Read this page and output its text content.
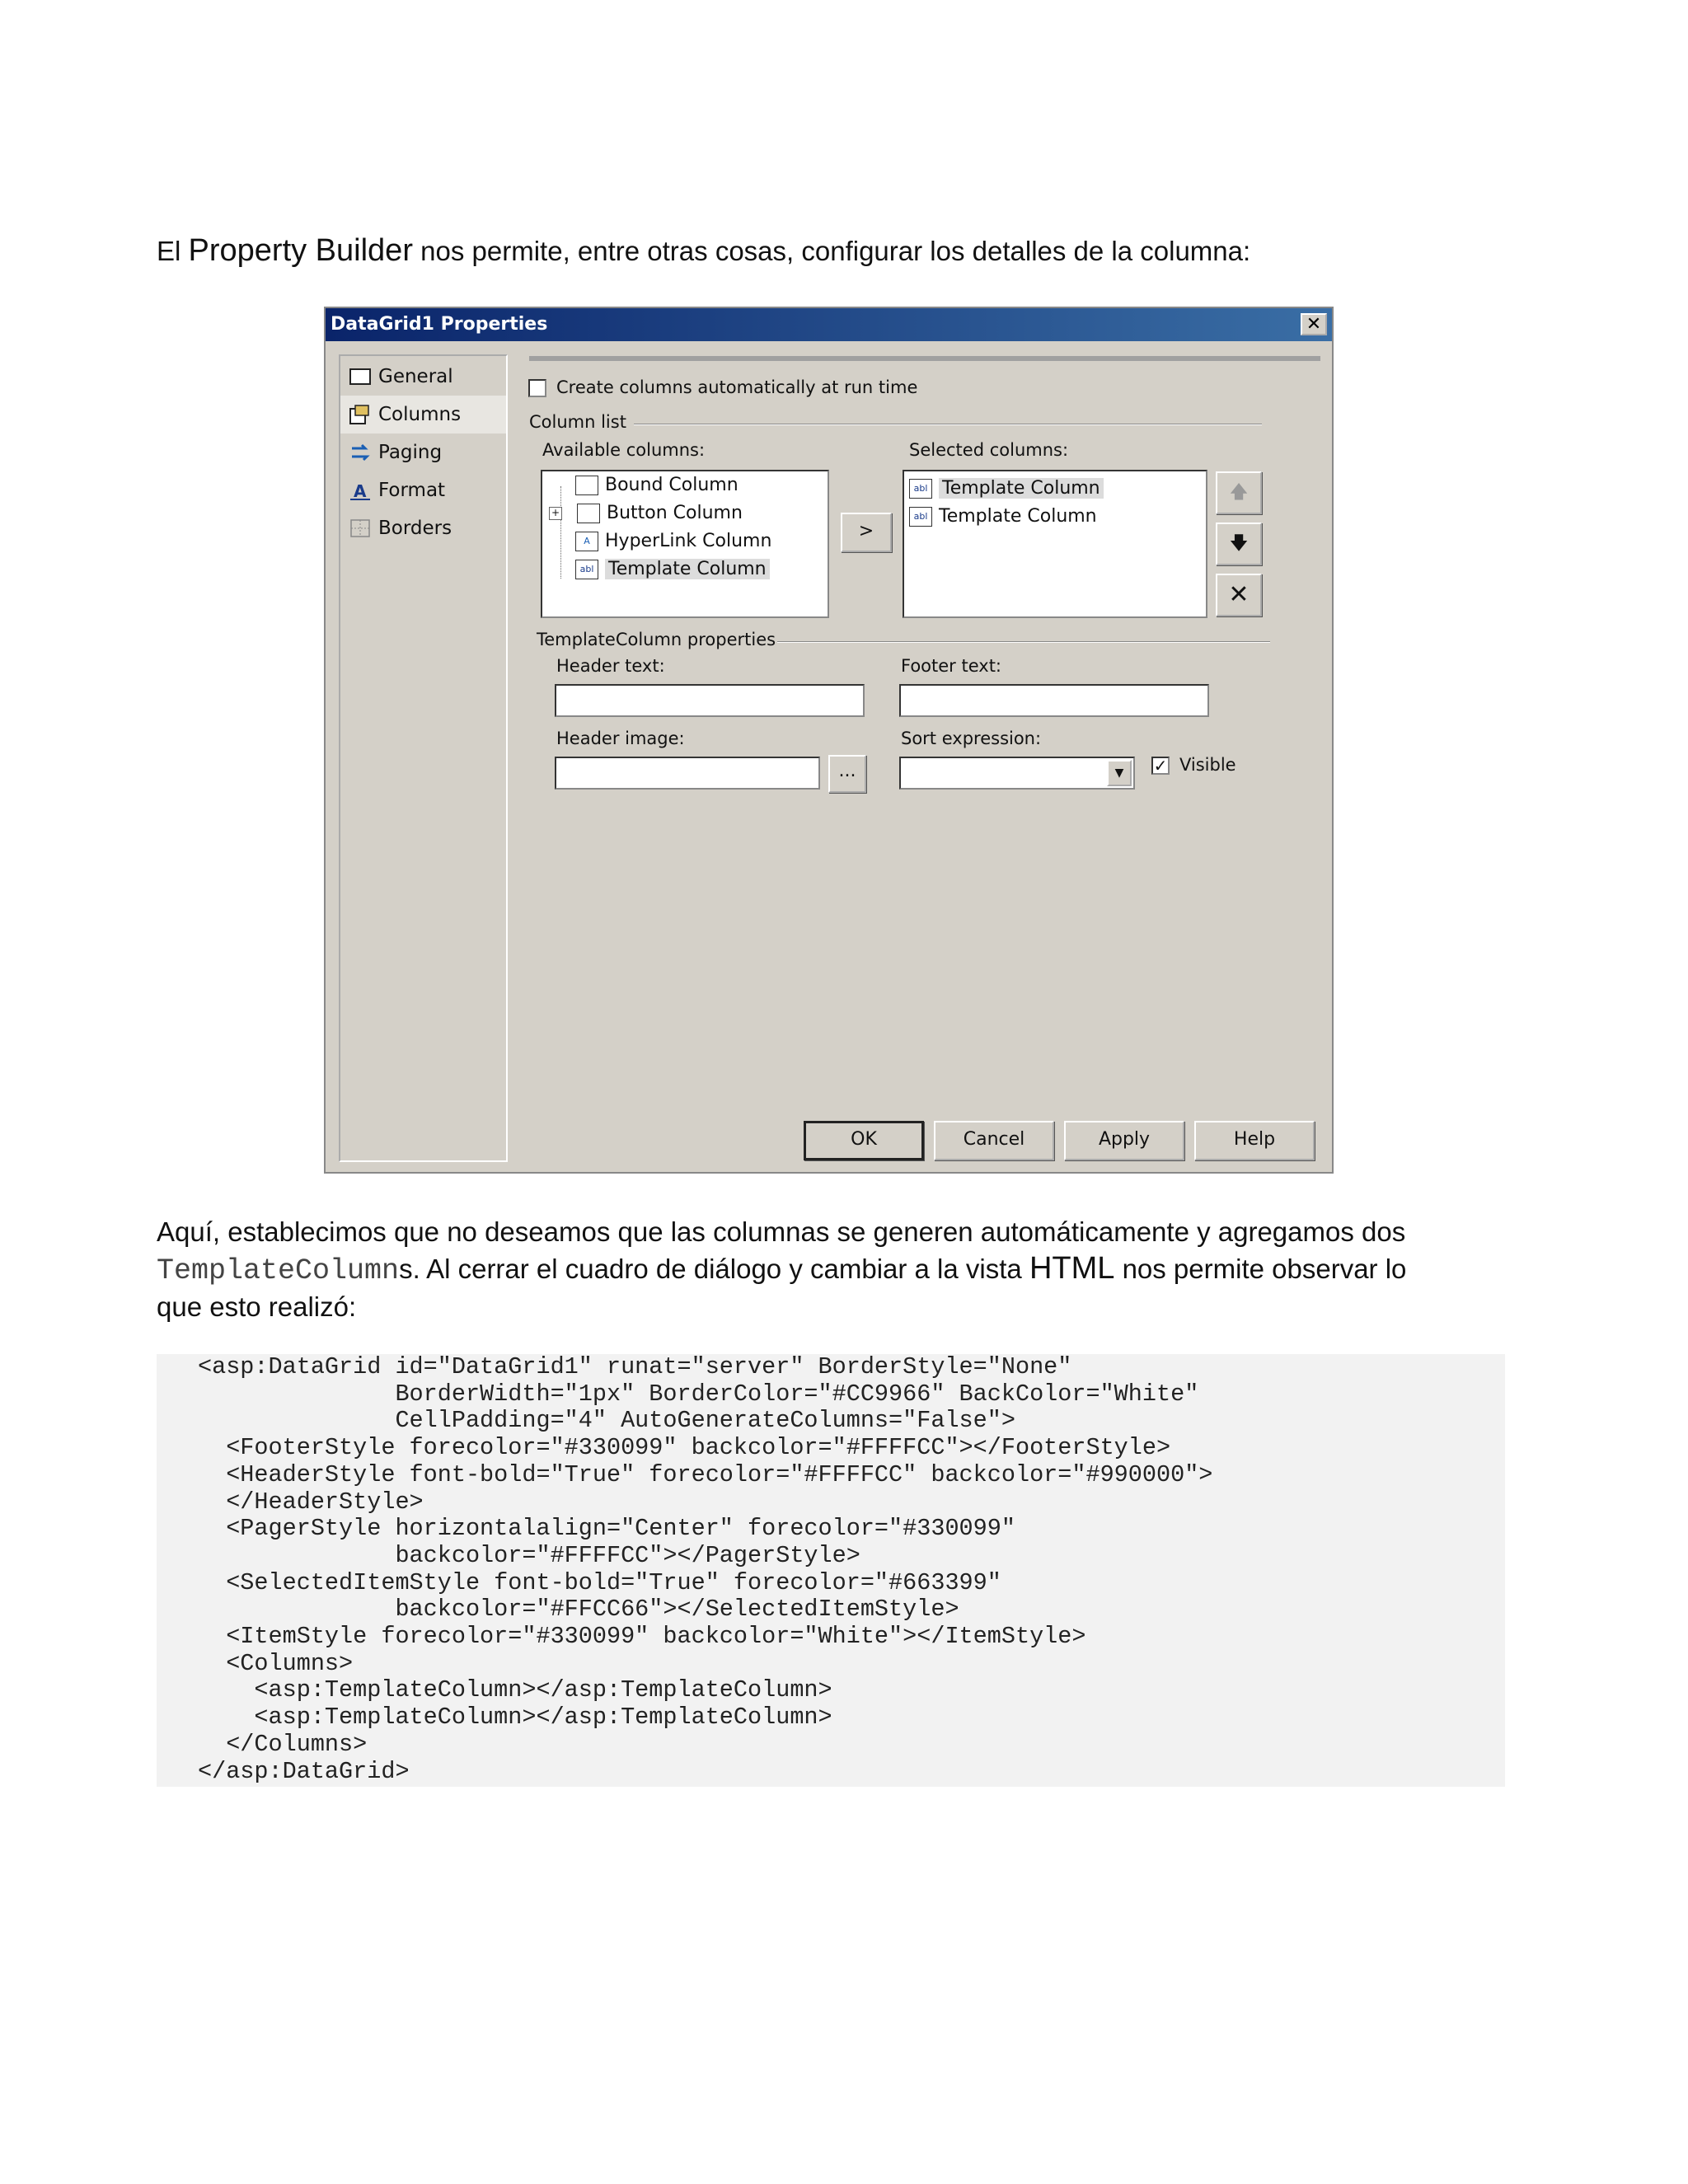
El Property Builder nos permite, entre otras cosas, configurar los detalles de la columna:

DataGrid1 Properties	✕
General
Columns
Paging
A Format
Borders
Create columns automatically at run time
Column list
Available columns:	Selected columns:
Bound Column
+	Button Column
A HyperLink Column
abl Template Column
>
abl Template Column
abl Template Column
🡅
🡇
✕
TemplateColumn properties
Header text:	Footer text:
Header image:
...
Sort expression:
▼	✓ Visible
OK	Cancel	Apply	Help

Aquí, establecimos que no deseamos que las columnas se generen automáticamente y agregamos dos
TemplateColumns. Al cerrar el cuadro de diálogo y cambiar a la vista HTML nos permite observar lo
que esto realizó:

<asp:DataGrid id="DataGrid1" runat="server" BorderStyle="None"
BorderWidth="1px" BorderColor="#CC9966" BackColor="White"
CellPadding="4" AutoGenerateColumns="False">
<FooterStyle forecolor="#330099" backcolor="#FFFFCC"></FooterStyle>
<HeaderStyle font-bold="True" forecolor="#FFFFCC" backcolor="#990000">
</HeaderStyle>
<PagerStyle horizontalalign="Center" forecolor="#330099"
backcolor="#FFFFCC"></PagerStyle>
<SelectedItemStyle font-bold="True" forecolor="#663399"
backcolor="#FFCC66"></SelectedItemStyle>
<ItemStyle forecolor="#330099" backcolor="White"></ItemStyle>
<Columns>
<asp:TemplateColumn></asp:TemplateColumn>
<asp:TemplateColumn></asp:TemplateColumn>
</Columns>
</asp:DataGrid>
